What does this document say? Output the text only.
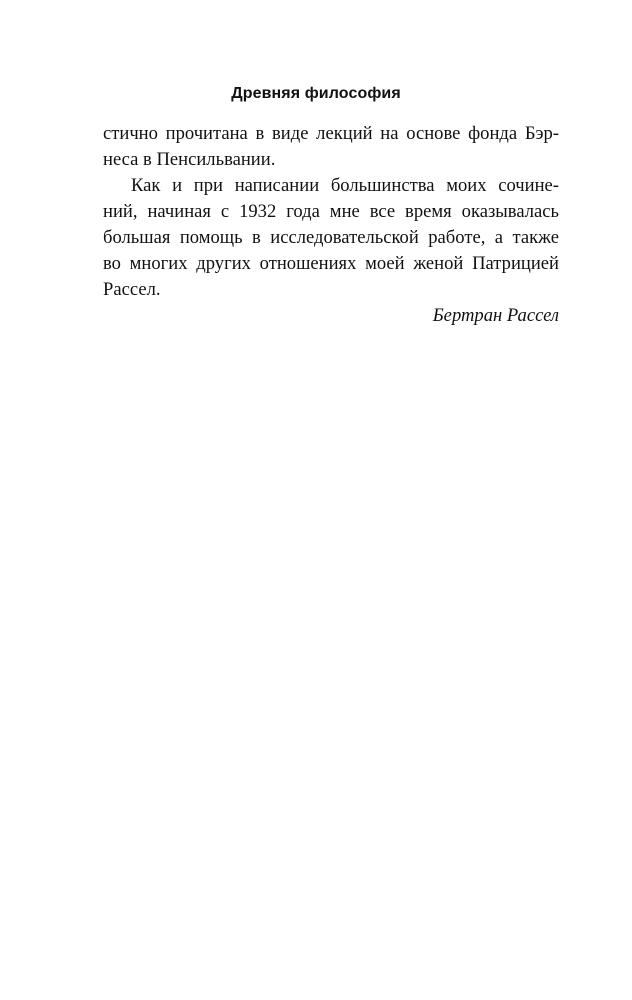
Древняя философия
стично прочитана в виде лекций на основе фонда Бэр-
неса в Пенсильвании.
Как и при написании большинства моих сочине-
ний, начиная с 1932 года мне все время оказывалась
большая помощь в исследовательской работе, а также
во многих других отношениях моей женой Патрицией
Рассел.
Бертран Рассел
